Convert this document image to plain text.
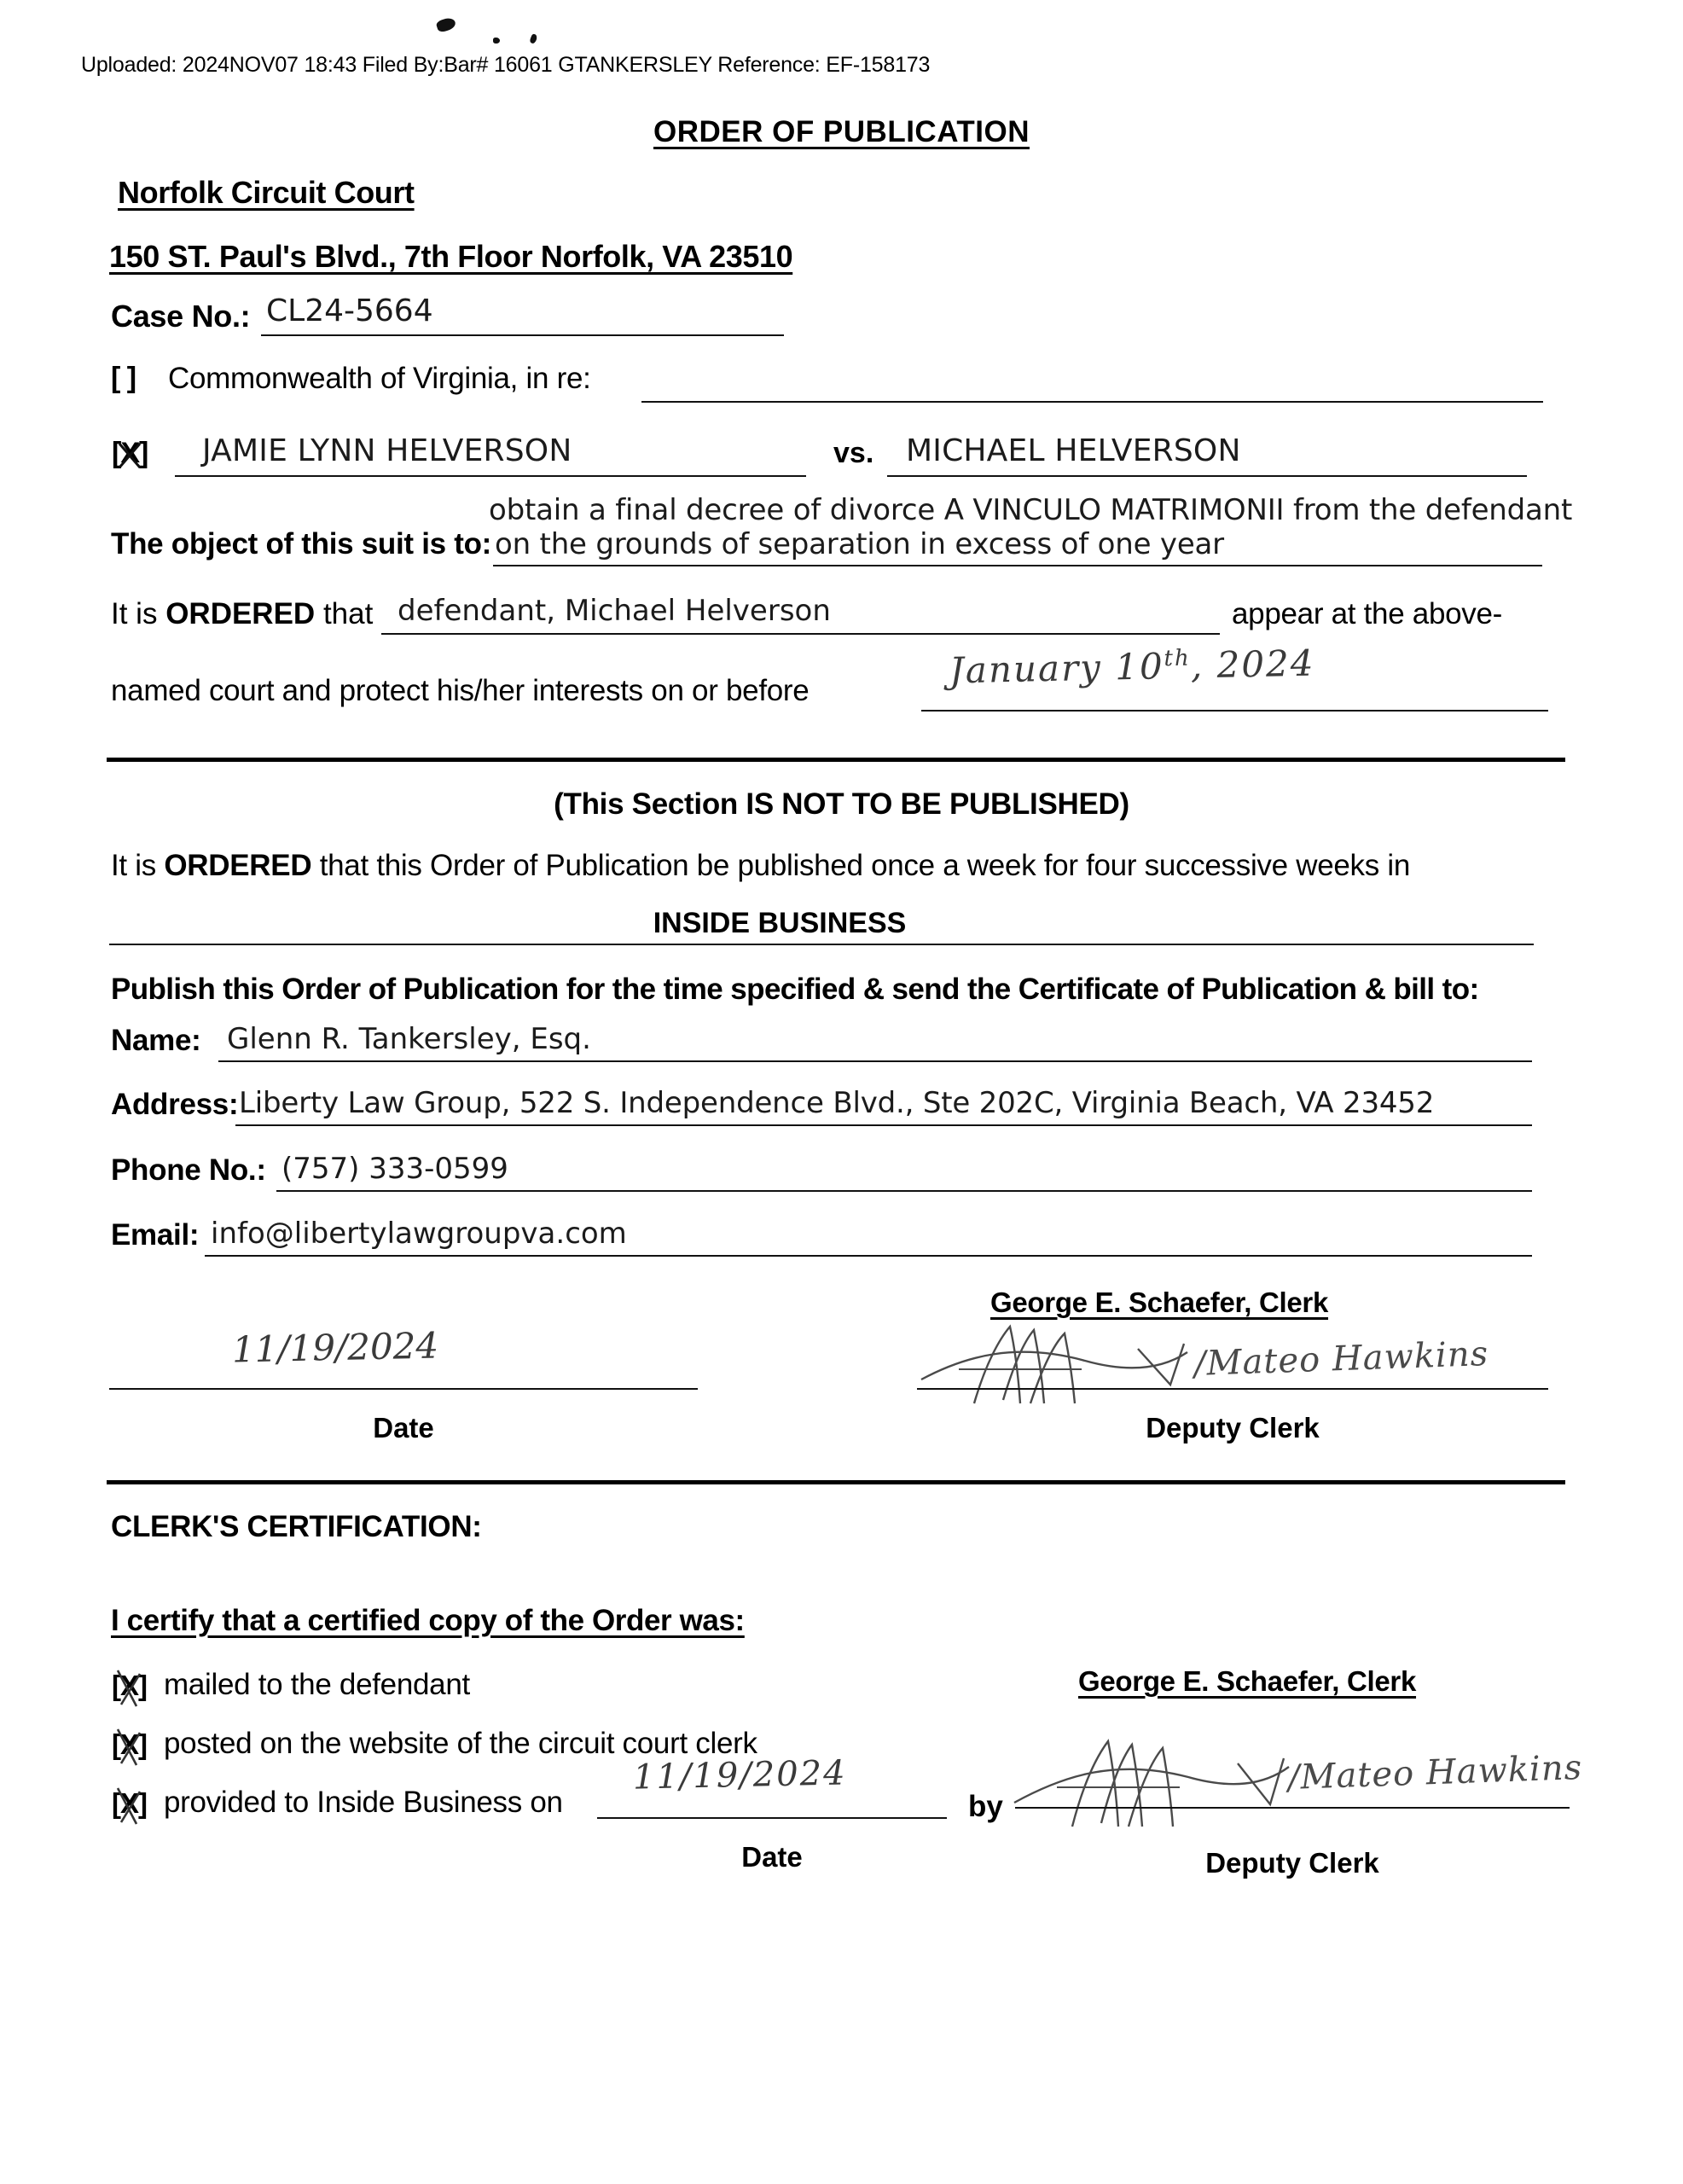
Uploaded: 2024NOV07 18:43 Filed By:Bar# 16061 GTANKERSLEY Reference: EF-158173
ORDER OF PUBLICATION
Norfolk Circuit Court
150 ST. Paul's Blvd., 7th Floor Norfolk, VA 23510
Case No.: CL24-5664
[ ] Commonwealth of Virginia, in re:
[X] JAMIE LYNN HELVERSON	vs. MICHAEL HELVERSON
obtain a final decree of divorce A VINCULO MATRIMONII from the defendant
The object of this suit is to: on the grounds of separation in excess of one year
It is ORDERED that defendant, Michael Helverson	appear at the above-
named court and protect his/her interests on or before	January 10th, 2024
(This Section IS NOT TO BE PUBLISHED)
It is ORDERED that this Order of Publication be published once a week for four successive weeks in
INSIDE BUSINESS
Publish this Order of Publication for the time specified & send the Certificate of Publication & bill to:
Name: Glenn R. Tankersley, Esq.
Address: Liberty Law Group, 522 S. Independence Blvd., Ste 202C, Virginia Beach, VA 23452
Phone No.: (757) 333-0599
Email: info@libertylawgroupva.com
George E. Schaefer, Clerk
11/19/2024
Date
/Mateo Hawkins
Deputy Clerk
CLERK'S CERTIFICATION:
I certify that a certified copy of the Order was:
[X] mailed to the defendant
[X] posted on the website of the circuit court clerk
[X] provided to Inside Business on
11/19/2024
Date
George E. Schaefer, Clerk
by
/Mateo Hawkins
Deputy Clerk
